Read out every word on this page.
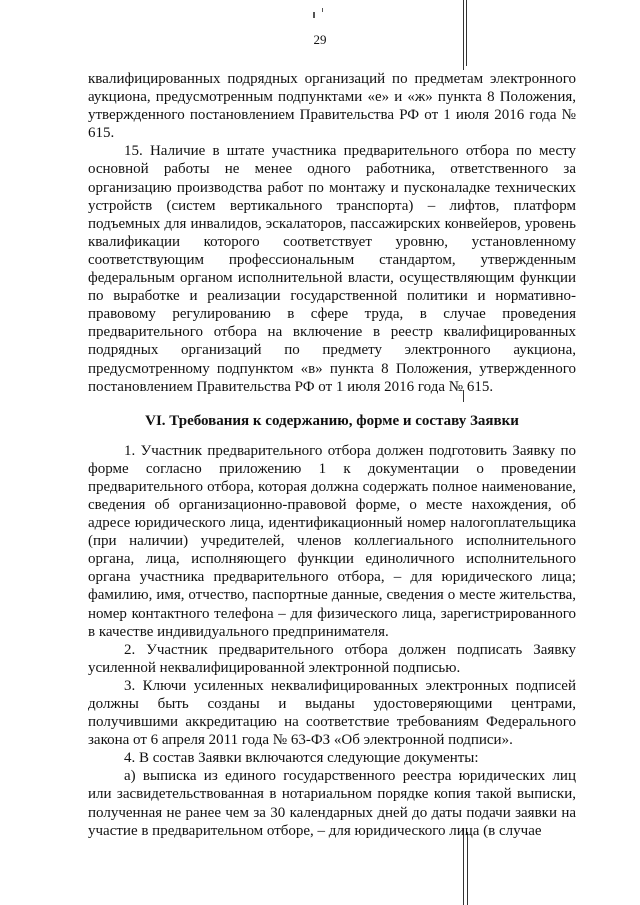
29

квалифицированных подрядных организаций по предметам электронного аукциона, предусмотренным подпунктами «е» и «ж» пункта 8 Положения, утвержденного постановлением Правительства РФ от 1 июля 2016 года № 615.

15. Наличие в штате участника предварительного отбора по месту основной работы не менее одного работника, ответственного за организацию производства работ по монтажу и пусконаладке технических устройств (систем вертикального транспорта) – лифтов, платформ подъемных для инвалидов, эскалаторов, пассажирских конвейеров, уровень квалификации которого соответствует уровню, установленному соответствующим профессиональным стандартом, утвержденным федеральным органом исполнительной власти, осуществляющим функции по выработке и реализации государственной политики и нормативно-правовому регулированию в сфере труда, в случае проведения предварительного отбора на включение в реестр квалифицированных подрядных организаций по предмету электронного аукциона, предусмотренному подпунктом «в» пункта 8 Положения, утвержденного постановлением Правительства РФ от 1 июля 2016 года № 615.

VI. Требования к содержанию, форме и составу Заявки

1. Участник предварительного отбора должен подготовить Заявку по форме согласно приложению 1 к документации о проведении предварительного отбора, которая должна содержать полное наименование, сведения об организационно-правовой форме, о месте нахождения, об адресе юридического лица, идентификационный номер налогоплательщика (при наличии) учредителей, членов коллегиального исполнительного органа, лица, исполняющего функции единоличного исполнительного органа участника предварительного отбора, – для юридического лица; фамилию, имя, отчество, паспортные данные, сведения о месте жительства, номер контактного телефона – для физического лица, зарегистрированного в качестве индивидуального предпринимателя.

2. Участник предварительного отбора должен подписать Заявку усиленной неквалифицированной электронной подписью.

3. Ключи усиленных неквалифицированных электронных подписей должны быть созданы и выданы удостоверяющими центрами, получившими аккредитацию на соответствие требованиям Федерального закона от 6 апреля 2011 года № 63-ФЗ «Об электронной подписи».

4. В состав Заявки включаются следующие документы:

а) выписка из единого государственного реестра юридических лиц или засвидетельствованная в нотариальном порядке копия такой выписки, полученная не ранее чем за 30 календарных дней до даты подачи заявки на участие в предварительном отборе, – для юридического лица (в случае
